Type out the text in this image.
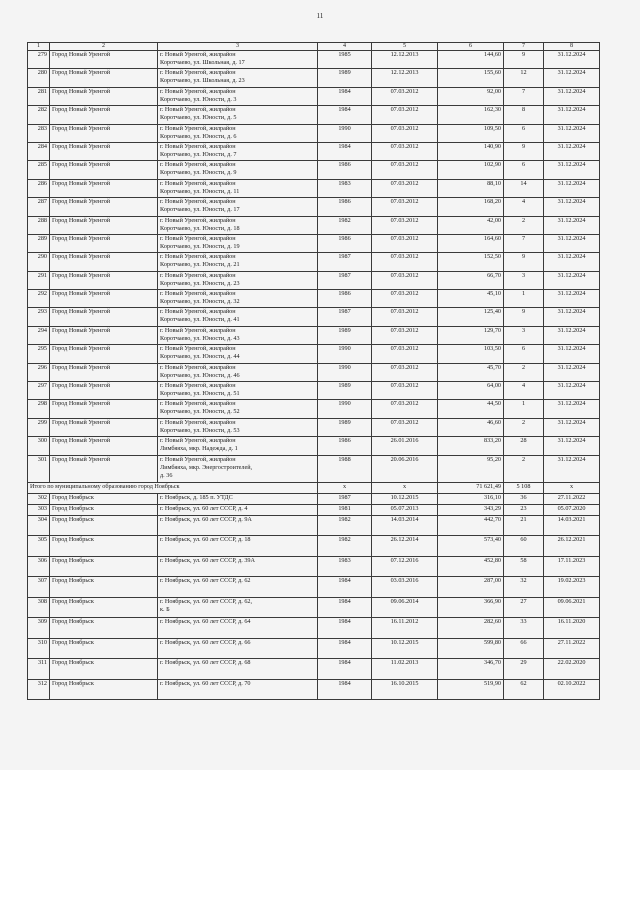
11
1	2	3	4	5	6	7	8
279	Город Новый Уренгой	г. Новый Уренгой, жилрайон
Коротчаево, ул. Школьная, д. 17	1985	12.12.2013	144,60	9	31.12.2024
280	Город Новый Уренгой	г. Новый Уренгой, жилрайон
Коротчаево, ул. Школьная, д. 23	1989	12.12.2013	155,60	12	31.12.2024
281	Город Новый Уренгой	г. Новый Уренгой, жилрайон
Коротчаево, ул. Юности, д. 3	1984	07.03.2012	92,00	7	31.12.2024
282	Город Новый Уренгой	г. Новый Уренгой, жилрайон
Коротчаево, ул. Юности, д. 5	1984	07.03.2012	162,30	8	31.12.2024
283	Город Новый Уренгой	г. Новый Уренгой, жилрайон
Коротчаево, ул. Юности, д. 6	1990	07.03.2012	109,50	6	31.12.2024
284	Город Новый Уренгой	г. Новый Уренгой, жилрайон
Коротчаево, ул. Юности, д. 7	1984	07.03.2012	140,90	9	31.12.2024
285	Город Новый Уренгой	г. Новый Уренгой, жилрайон
Коротчаево, ул. Юности, д. 9	1986	07.03.2012	102,90	6	31.12.2024
286	Город Новый Уренгой	г. Новый Уренгой, жилрайон
Коротчаево, ул. Юности, д. 11	1983	07.03.2012	88,10	14	31.12.2024
287	Город Новый Уренгой	г. Новый Уренгой, жилрайон
Коротчаево, ул. Юности, д. 17	1986	07.03.2012	168,20	4	31.12.2024
288	Город Новый Уренгой	г. Новый Уренгой, жилрайон
Коротчаево, ул. Юности, д. 18	1982	07.03.2012	42,00	2	31.12.2024
289	Город Новый Уренгой	г. Новый Уренгой, жилрайон
Коротчаево, ул. Юности, д. 19	1986	07.03.2012	164,60	7	31.12.2024
290	Город Новый Уренгой	г. Новый Уренгой, жилрайон
Коротчаево, ул. Юности, д. 21	1987	07.03.2012	152,50	9	31.12.2024
291	Город Новый Уренгой	г. Новый Уренгой, жилрайон
Коротчаево, ул. Юности, д. 23	1987	07.03.2012	66,70	3	31.12.2024
292	Город Новый Уренгой	г. Новый Уренгой, жилрайон
Коротчаево, ул. Юности, д. 32	1986	07.03.2012	45,10	1	31.12.2024
293	Город Новый Уренгой	г. Новый Уренгой, жилрайон
Коротчаево, ул. Юности, д. 41	1987	07.03.2012	125,40	9	31.12.2024
294	Город Новый Уренгой	г. Новый Уренгой, жилрайон
Коротчаево, ул. Юности, д. 43	1989	07.03.2012	129,70	3	31.12.2024
295	Город Новый Уренгой	г. Новый Уренгой, жилрайон
Коротчаево, ул. Юности, д. 44	1990	07.03.2012	103,50	6	31.12.2024
296	Город Новый Уренгой	г. Новый Уренгой, жилрайон
Коротчаево, ул. Юности, д. 46	1990	07.03.2012	45,70	2	31.12.2024
297	Город Новый Уренгой	г. Новый Уренгой, жилрайон
Коротчаево, ул. Юности, д. 51	1989	07.03.2012	64,00	4	31.12.2024
298	Город Новый Уренгой	г. Новый Уренгой, жилрайон
Коротчаево, ул. Юности, д. 52	1990	07.03.2012	44,50	1	31.12.2024
299	Город Новый Уренгой	г. Новый Уренгой, жилрайон
Коротчаево, ул. Юности, д. 53	1989	07.03.2012	46,60	2	31.12.2024
300	Город Новый Уренгой	г. Новый Уренгой, жилрайон
Лимбяяха, мкр. Надежда, д. 1	1986	26.01.2016	833,20	28	31.12.2024
301	Город Новый Уренгой	г. Новый Уренгой, жилрайон
Лимбяяха, мкр. Энергостроителей,
д. 36	1988	20.06.2016	95,20	2	31.12.2024
Итого по муниципальному образованию город Ноябрьск			x	x	71 621,49	5 108	x
302	Город Ноябрьск	г. Ноябрьск, д. 185 п. УТДС	1987	10.12.2015	316,10	36	27.11.2022
303	Город Ноябрьск	г. Ноябрьск, ул. 60 лет СССР, д. 4	1981	05.07.2013	343,29	23	05.07.2020
304	Город Ноябрьск	г. Ноябрьск, ул. 60 лет СССР, д. 9А	1982	14.03.2014	442,70	21	14.03.2021
305	Город Ноябрьск	г. Ноябрьск, ул. 60 лет СССР, д. 18	1982	26.12.2014	573,40	60	26.12.2021
306	Город Ноябрьск	г. Ноябрьск, ул. 60 лет СССР, д. 39А	1983	07.12.2016	452,80	58	17.11.2023
307	Город Ноябрьск	г. Ноябрьск, ул. 60 лет СССР, д. 62	1984	03.03.2016	287,00	32	19.02.2023
308	Город Ноябрьск	г. Ноябрьск, ул. 60 лет СССР, д. 62,
к. Б	1984	09.06.2014	366,90	27	09.06.2021
309	Город Ноябрьск	г. Ноябрьск, ул. 60 лет СССР, д. 64	1984	16.11.2012	282,60	33	16.11.2020
310	Город Ноябрьск	г. Ноябрьск, ул. 60 лет СССР, д. 66	1984	10.12.2015	599,80	66	27.11.2022
311	Город Ноябрьск	г. Ноябрьск, ул. 60 лет СССР, д. 68	1984	11.02.2013	346,70	29	22.02.2020
312	Город Ноябрьск	г. Ноябрьск, ул. 60 лет СССР, д. 70	1984	16.10.2015	519,90	62	02.10.2022
